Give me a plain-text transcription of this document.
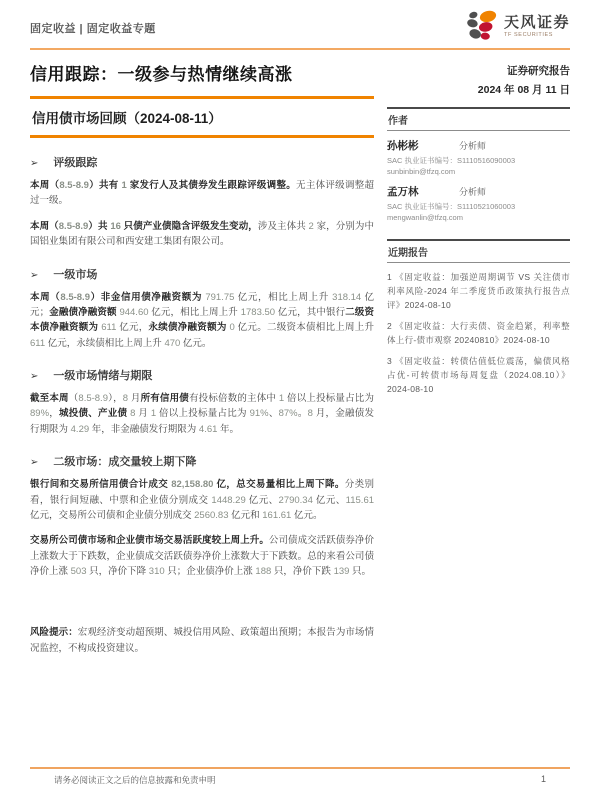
固定收益 | 固定收益专题	天风证券
TF SECURITIES
信用跟踪：一级参与热情继续高涨
信用债市场回顾（2024-08-11）
➢ 评级跟踪
本周（8.5-8.9）共有 1 家发行人及其债券发生跟踪评级调整。无主体评级调整超过一级。
本周（8.5-8.9）共 16 只债产业债隐含评级发生变动，涉及主体共 2 家，分别为中国铝业集团有限公司和西安建工集团有限公司。
➢ 一级市场
本周（8.5-8.9）非金信用债净融资额为 791.75 亿元，相比上周上升 318.14 亿元；金融债净融资额 944.60 亿元，相比上周上升 1783.50 亿元，其中银行二级资本债净融资额为 611 亿元，永续债净融资额为 0 亿元。二级资本债相比上周上升 611 亿元，永续债相比上周上升 470 亿元。
➢ 一级市场情绪与期限
截至本周（8.5-8.9），8 月所有信用债有投标倍数的主体中 1 倍以上投标量占比为 89%，城投债、产业债 8 月 1 倍以上投标量占比为 91%、87%。8 月，金融债发行期限为 4.29 年，非金融债发行期限为 4.61 年。
➢ 二级市场：成交量较上期下降
银行间和交易所信用债合计成交 82,158.80 亿，总交易量相比上周下降。分类别看，银行间短融、中票和企业债分别成交 1448.29 亿元、2790.34 亿元、115.61 亿元，交易所公司债和企业债分别成交 2560.83 亿元和 161.61 亿元。
交易所公司债市场和企业债市场交易活跃度较上周上升。公司债成交活跃债券净价上涨数大于下跌数，企业债成交活跃债券净价上涨数大于下跌数。总的来看公司债净价上涨 503 只，净价下降 310 只；企业债净价上涨 188 只，净价下跌 139 只。
风险提示：宏观经济变动超预期、城投信用风险、政策超出预期；本报告为市场情况监控，不构成投资建议。
证券研究报告
2024 年 08 月 11 日
作者
孙彬彬	分析师
SAC 执业证书编号：S1110516090003
sunbinbin@tfzq.com
孟万林	分析师
SAC 执业证书编号：S1110521060003
mengwanlin@tfzq.com
近期报告
1 《固定收益：加强逆周期调节 VS 关注债市利率风险-2024 年二季度货币政策执行报告点评》2024-08-10
2 《固定收益：大行卖债、资金趋紧，利率整体上行-债市观察 20240810》2024-08-10
3 《固定收益：转债估值低位震荡，偏债风格占优-可转债市场每周复盘（2024.08.10）》 2024-08-10
请务必阅读正文之后的信息披露和免责申明	1
